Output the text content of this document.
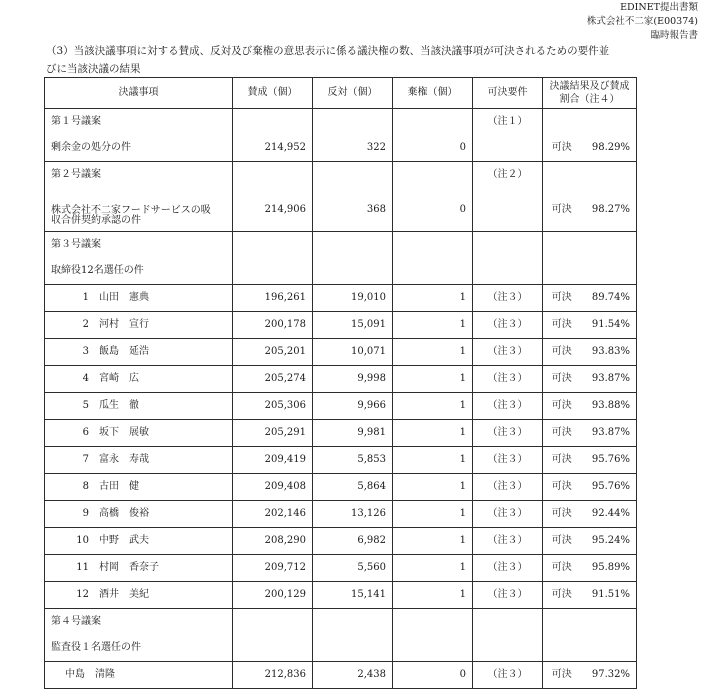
EDINET提出書類
株式会社不二家(E00374)
臨時報告書
（3）当該決議事項に対する賛成、反対及び棄権の意思表示に係る議決権の数、当該決議事項が可決されるための要件並
びに当該決議の結果
決議事項	賛成（個）	反対（個）	棄権（個）	可決要件	決議結果及び賛成
割合（注４）	
第１号議案				（注１）		
剰余金の処分の件	214,952	322	0		可決	98.29%
第２号議案				（注２）		
株式会社不二家フードサービスの吸
収合併契約承認の件	214,906	368	0		可決	98.27%
第３号議案						
取締役12名選任の件						
1 山田　憲典	196,261	19,010	1	（注３）	可決	89.74%
2 河村　宣行	200,178	15,091	1	（注３）	可決	91.54%
3 飯島　延浩	205,201	10,071	1	（注３）	可決	93.83%
4 宮崎　広	205,274	9,998	1	（注３）	可決	93.87%
5 瓜生　徹	205,306	9,966	1	（注３）	可決	93.88%
6 坂下　展敏	205,291	9,981	1	（注３）	可決	93.87%
7 富永　寿哉	209,419	5,853	1	（注３）	可決	95.76%
8 古田　健	209,408	5,864	1	（注３）	可決	95.76%
9 高橋　俊裕	202,146	13,126	1	（注３）	可決	92.44%
10 中野　武夫	208,290	6,982	1	（注３）	可決	95.24%
11 村岡　香奈子	209,712	5,560	1	（注３）	可決	95.89%
12 酒井　美紀	200,129	15,141	1	（注３）	可決	91.51%
第４号議案						
監査役１名選任の件						
中島　清隆	212,836	2,438	0	（注３）	可決	97.32%
